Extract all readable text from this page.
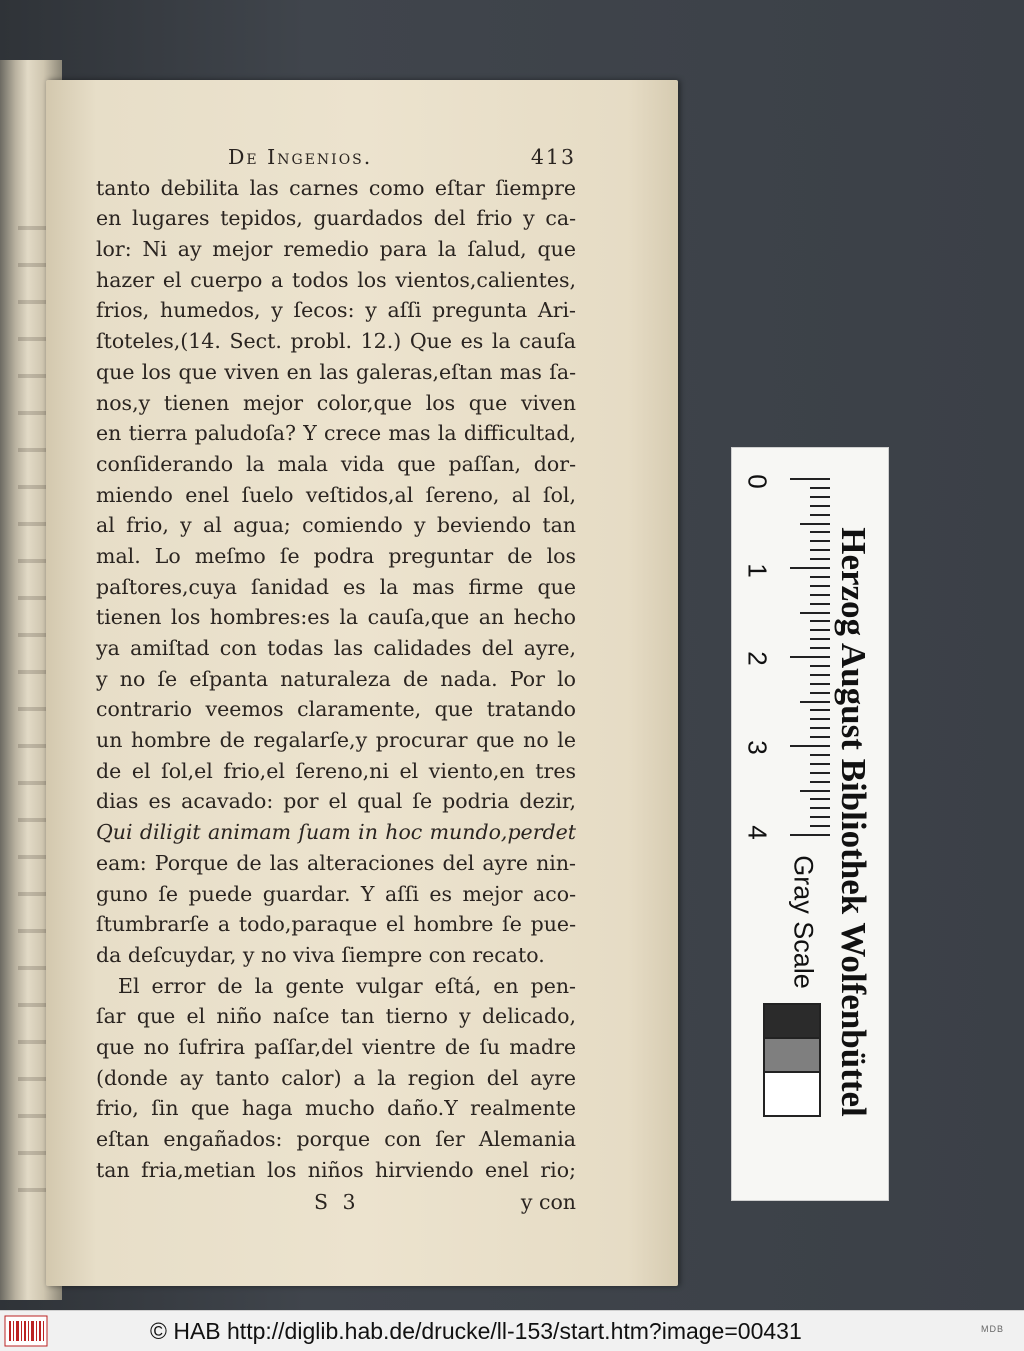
De Ingenios.	413
tanto debilita las carnes como eſtar ſiempre
en lugares tepidos, guardados del frio y ca-
lor: Ni ay mejor remedio para la ſalud, que
hazer el cuerpo a todos los vientos,calientes,
frios, humedos, y ſecos: y aſſi pregunta Ari-
ſtoteles,(14. Sect. probl. 12.) Que es la cauſa
que los que viven en las galeras,eſtan mas ſa-
nos,y tienen mejor color,que los que viven
en tierra paludoſa? Y crece mas la difficultad,
conſiderando la mala vida que paſſan, dor-
miendo enel ſuelo veſtidos,al ſereno, al ſol,
al frio, y al agua; comiendo y beviendo tan
mal. Lo meſmo ſe podra preguntar de los
paſtores,cuya ſanidad es la mas firme que
tienen los hombres:es la cauſa,que an hecho
ya amiſtad con todas las calidades del ayre,
y no ſe eſpanta naturaleza de nada. Por lo
contrario veemos claramente, que tratando
un hombre de regalarſe,y procurar que no le
de el ſol,el frio,el ſereno,ni el viento,en tres
dias es acavado: por el qual ſe podria dezir,
Qui diligit animam ſuam in hoc mundo,perdet
eam: Porque de las alteraciones del ayre nin-
guno ſe puede guardar. Y aſſi es mejor aco-
ſtumbrarſe a todo,paraque el hombre ſe pue-
da deſcuydar, y no viva ſiempre con recato.
El error de la gente vulgar eſtá, en pen-
ſar que el niño naſce tan tierno y delicado,
que no ſufrira paſſar,del vientre de ſu madre
(donde ay tanto calor) a la region del ayre
frio, ſin que haga mucho daño.Y realmente
eſtan engañados: porque con ſer Alemania
tan fria,metian los niños hirviendo enel rio;
S 3	y con
Herzog August Bibliothek Wolfenbüttel
0
1
2
3
4
Gray Scale
© HAB http://diglib.hab.de/drucke/ll-153/start.htm?image=00431	MDB
